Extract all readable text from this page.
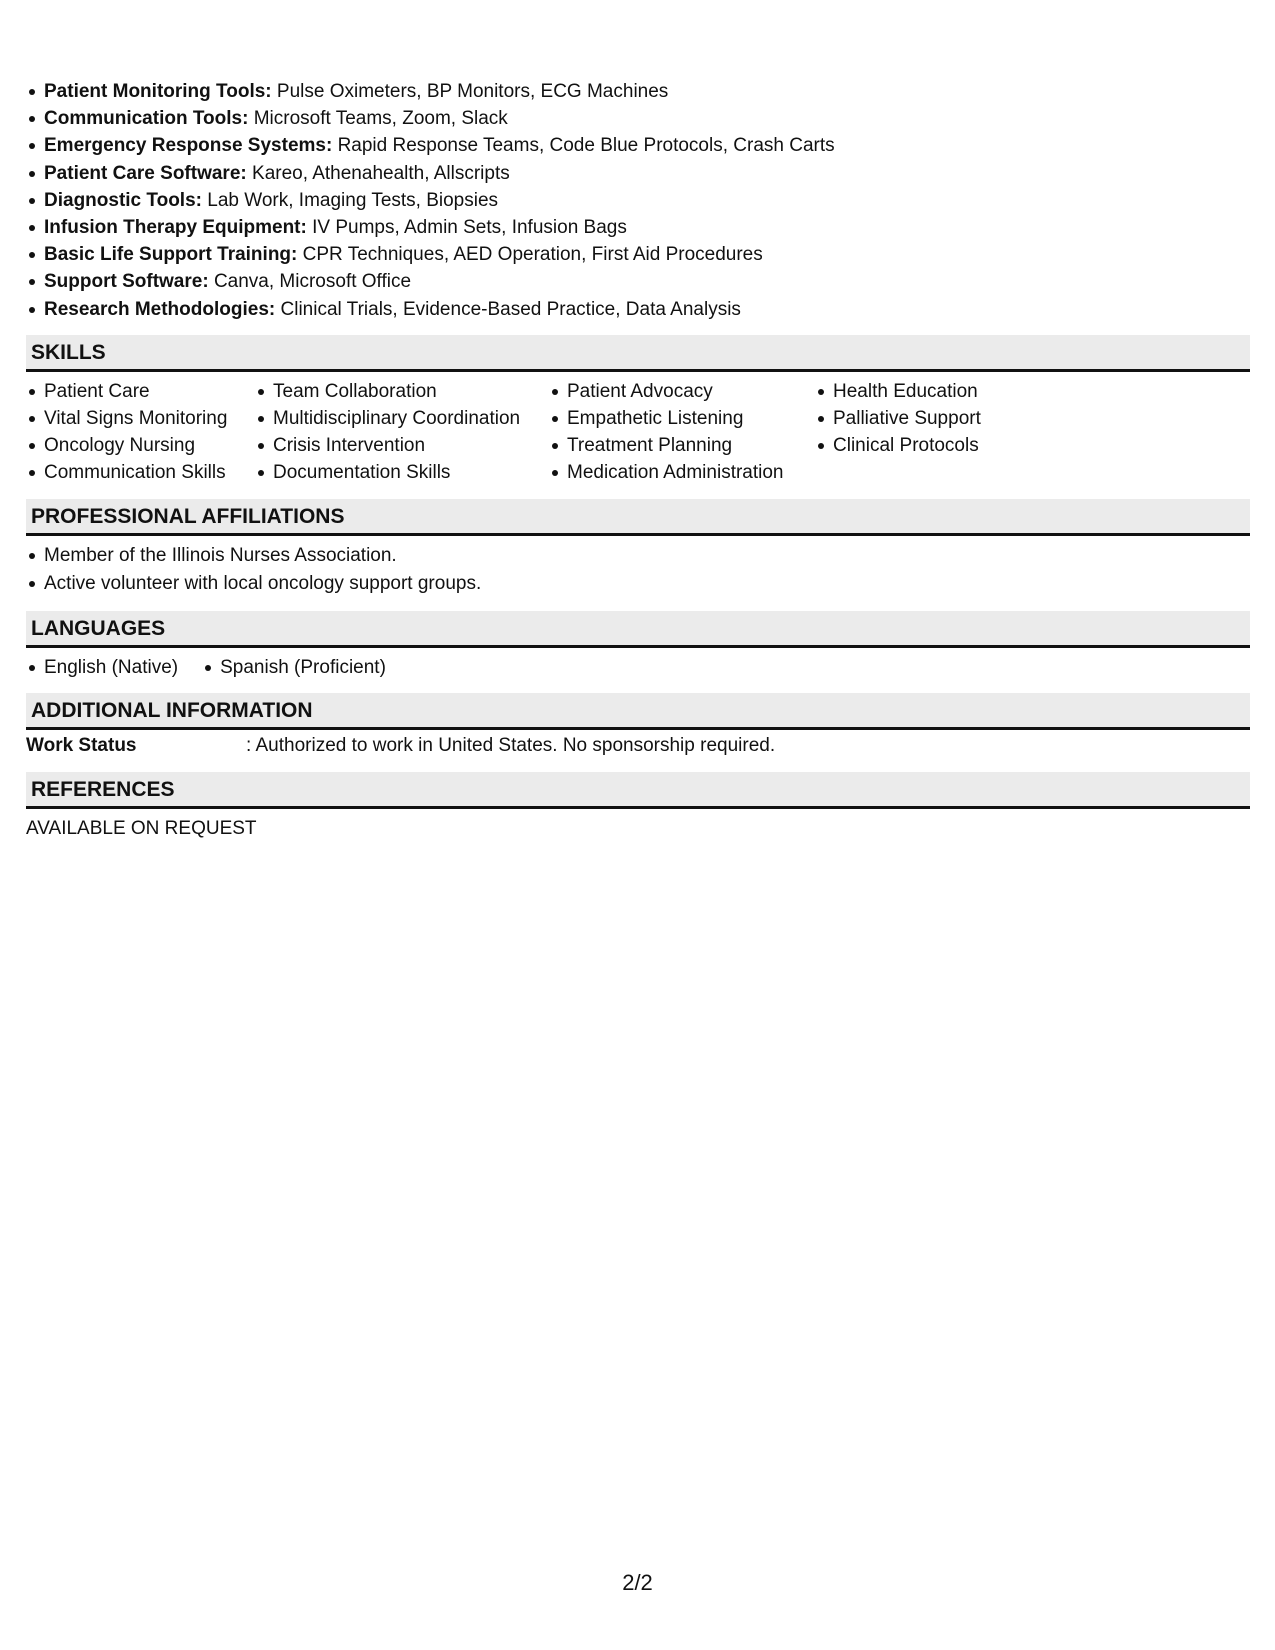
Patient Monitoring Tools: Pulse Oximeters, BP Monitors, ECG Machines
Communication Tools: Microsoft Teams, Zoom, Slack
Emergency Response Systems: Rapid Response Teams, Code Blue Protocols, Crash Carts
Patient Care Software: Kareo, Athenahealth, Allscripts
Diagnostic Tools: Lab Work, Imaging Tests, Biopsies
Infusion Therapy Equipment: IV Pumps, Admin Sets, Infusion Bags
Basic Life Support Training: CPR Techniques, AED Operation, First Aid Procedures
Support Software: Canva, Microsoft Office
Research Methodologies: Clinical Trials, Evidence-Based Practice, Data Analysis
SKILLS
Patient Care
Vital Signs Monitoring
Oncology Nursing
Communication Skills
Team Collaboration
Multidisciplinary Coordination
Crisis Intervention
Documentation Skills
Patient Advocacy
Empathetic Listening
Treatment Planning
Medication Administration
Health Education
Palliative Support
Clinical Protocols
PROFESSIONAL AFFILIATIONS
Member of the Illinois Nurses Association.
Active volunteer with local oncology support groups.
LANGUAGES
English (Native)	Spanish (Proficient)
ADDITIONAL INFORMATION
Work Status	: Authorized to work in United States. No sponsorship required.
REFERENCES
AVAILABLE ON REQUEST
2/2
